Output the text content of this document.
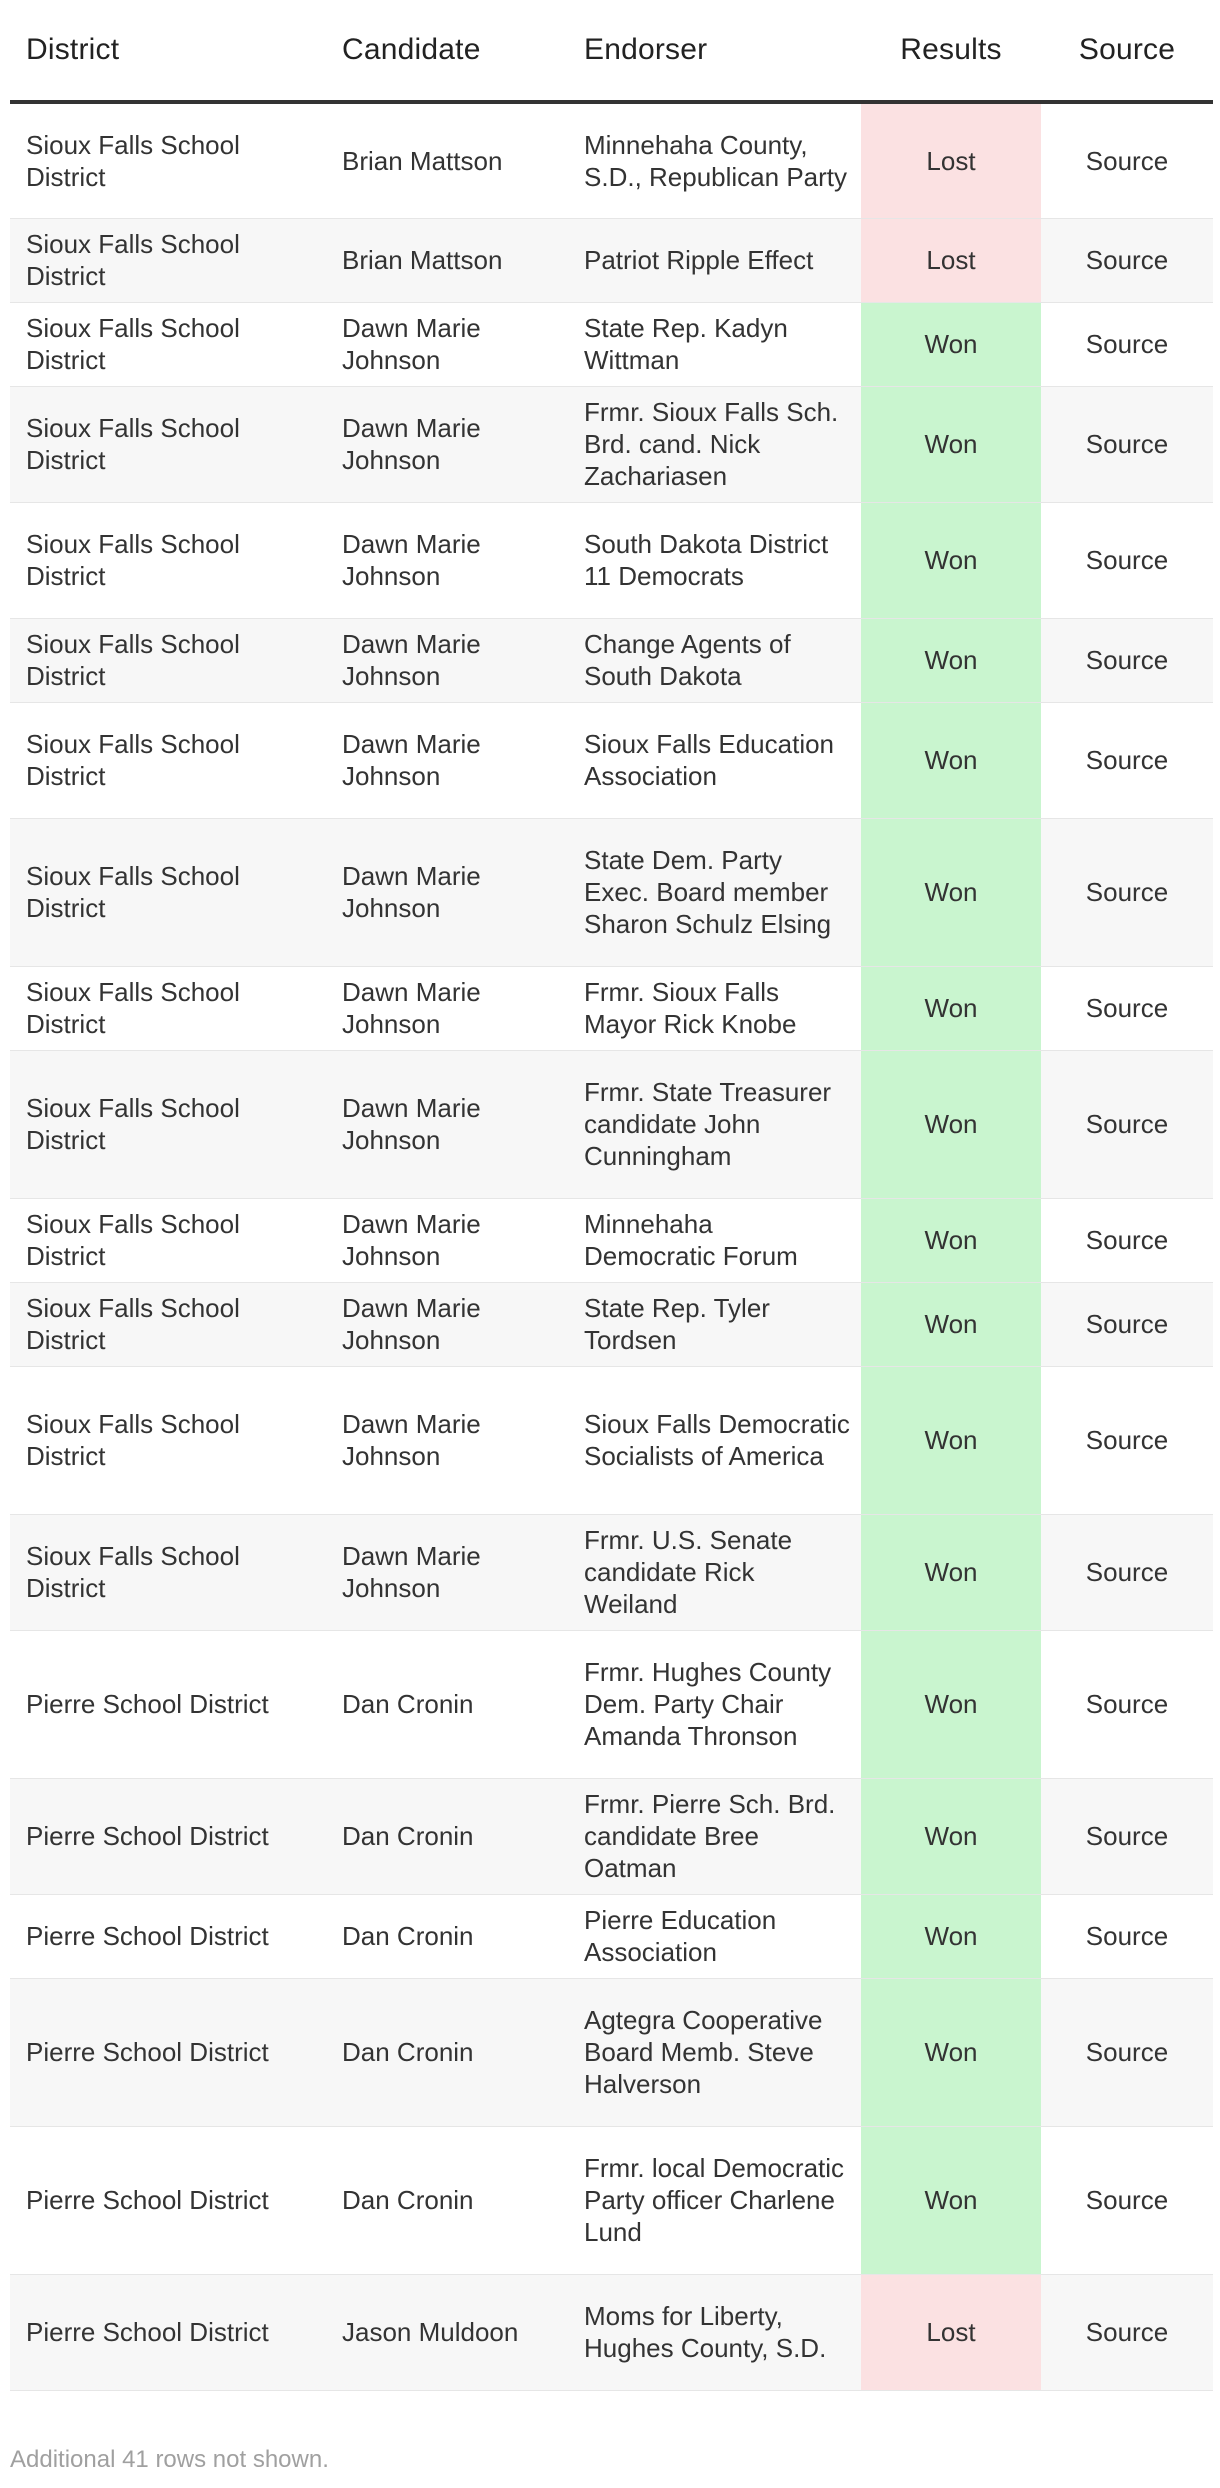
District	Candidate	Endorser	Results	Source
Sioux Falls School District	Brian Mattson	Minnehaha County, S.D., Republican Party	Lost	Source
Sioux Falls School District	Brian Mattson	Patriot Ripple Effect	Lost	Source
Sioux Falls School District	Dawn Marie Johnson	State Rep. Kadyn Wittman	Won	Source
Sioux Falls School District	Dawn Marie Johnson	Frmr. Sioux Falls Sch. Brd. cand. Nick Zachariasen	Won	Source
Sioux Falls School District	Dawn Marie Johnson	South Dakota District 11 Democrats	Won	Source
Sioux Falls School District	Dawn Marie Johnson	Change Agents of South Dakota	Won	Source
Sioux Falls School District	Dawn Marie Johnson	Sioux Falls Education Association	Won	Source
Sioux Falls School District	Dawn Marie Johnson	State Dem. Party Exec. Board member Sharon Schulz Elsing	Won	Source
Sioux Falls School District	Dawn Marie Johnson	Frmr. Sioux Falls Mayor Rick Knobe	Won	Source
Sioux Falls School District	Dawn Marie Johnson	Frmr. State Treasurer candidate John Cunningham	Won	Source
Sioux Falls School District	Dawn Marie Johnson	Minnehaha Democratic Forum	Won	Source
Sioux Falls School District	Dawn Marie Johnson	State Rep. Tyler Tordsen	Won	Source
Sioux Falls School District	Dawn Marie Johnson	Sioux Falls Democratic Socialists of America	Won	Source
Sioux Falls School District	Dawn Marie Johnson	Frmr. U.S. Senate candidate Rick Weiland	Won	Source
Pierre School District	Dan Cronin	Frmr. Hughes County Dem. Party Chair Amanda Thronson	Won	Source
Pierre School District	Dan Cronin	Frmr. Pierre Sch. Brd. candidate Bree Oatman	Won	Source
Pierre School District	Dan Cronin	Pierre Education Association	Won	Source
Pierre School District	Dan Cronin	Agtegra Cooperative Board Memb. Steve Halverson	Won	Source
Pierre School District	Dan Cronin	Frmr. local Democratic Party officer Charlene Lund	Won	Source
Pierre School District	Jason Muldoon	Moms for Liberty, Hughes County, S.D.	Lost	Source
Additional 41 rows not shown.
